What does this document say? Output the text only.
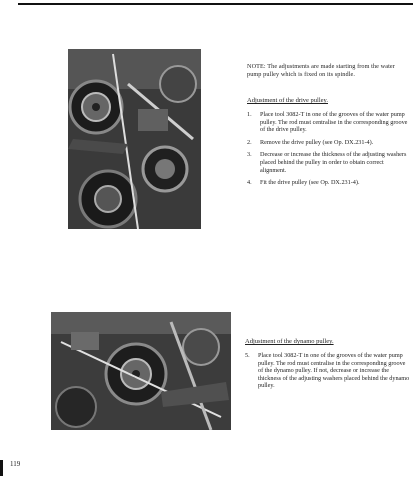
NOTE: The adjustments are made starting from the water pump pulley which is fixed on its spindle.
Adjustment of the drive pulley.
1. Place tool 3082-T in one of the grooves of the water pump pulley. The rod must centralise in the corresponding groove of the drive pulley.
2. Remove the drive pulley (see Op. DX.231-4).
3. Decrease or increase the thickness of the adjusting washers placed behind the pulley in order to obtain correct alignment.
4. Fit the drive pulley (see Op. DX.231-4).
Adjustment of the dynamo pulley.
5. Place tool 3082-T in one of the grooves of the water pump pulley. The rod must centralise in the corresponding groove of the dynamo pulley. If not, decrease or increase the thickness of the adjusting washers placed behind the dynamo pulley.
119
